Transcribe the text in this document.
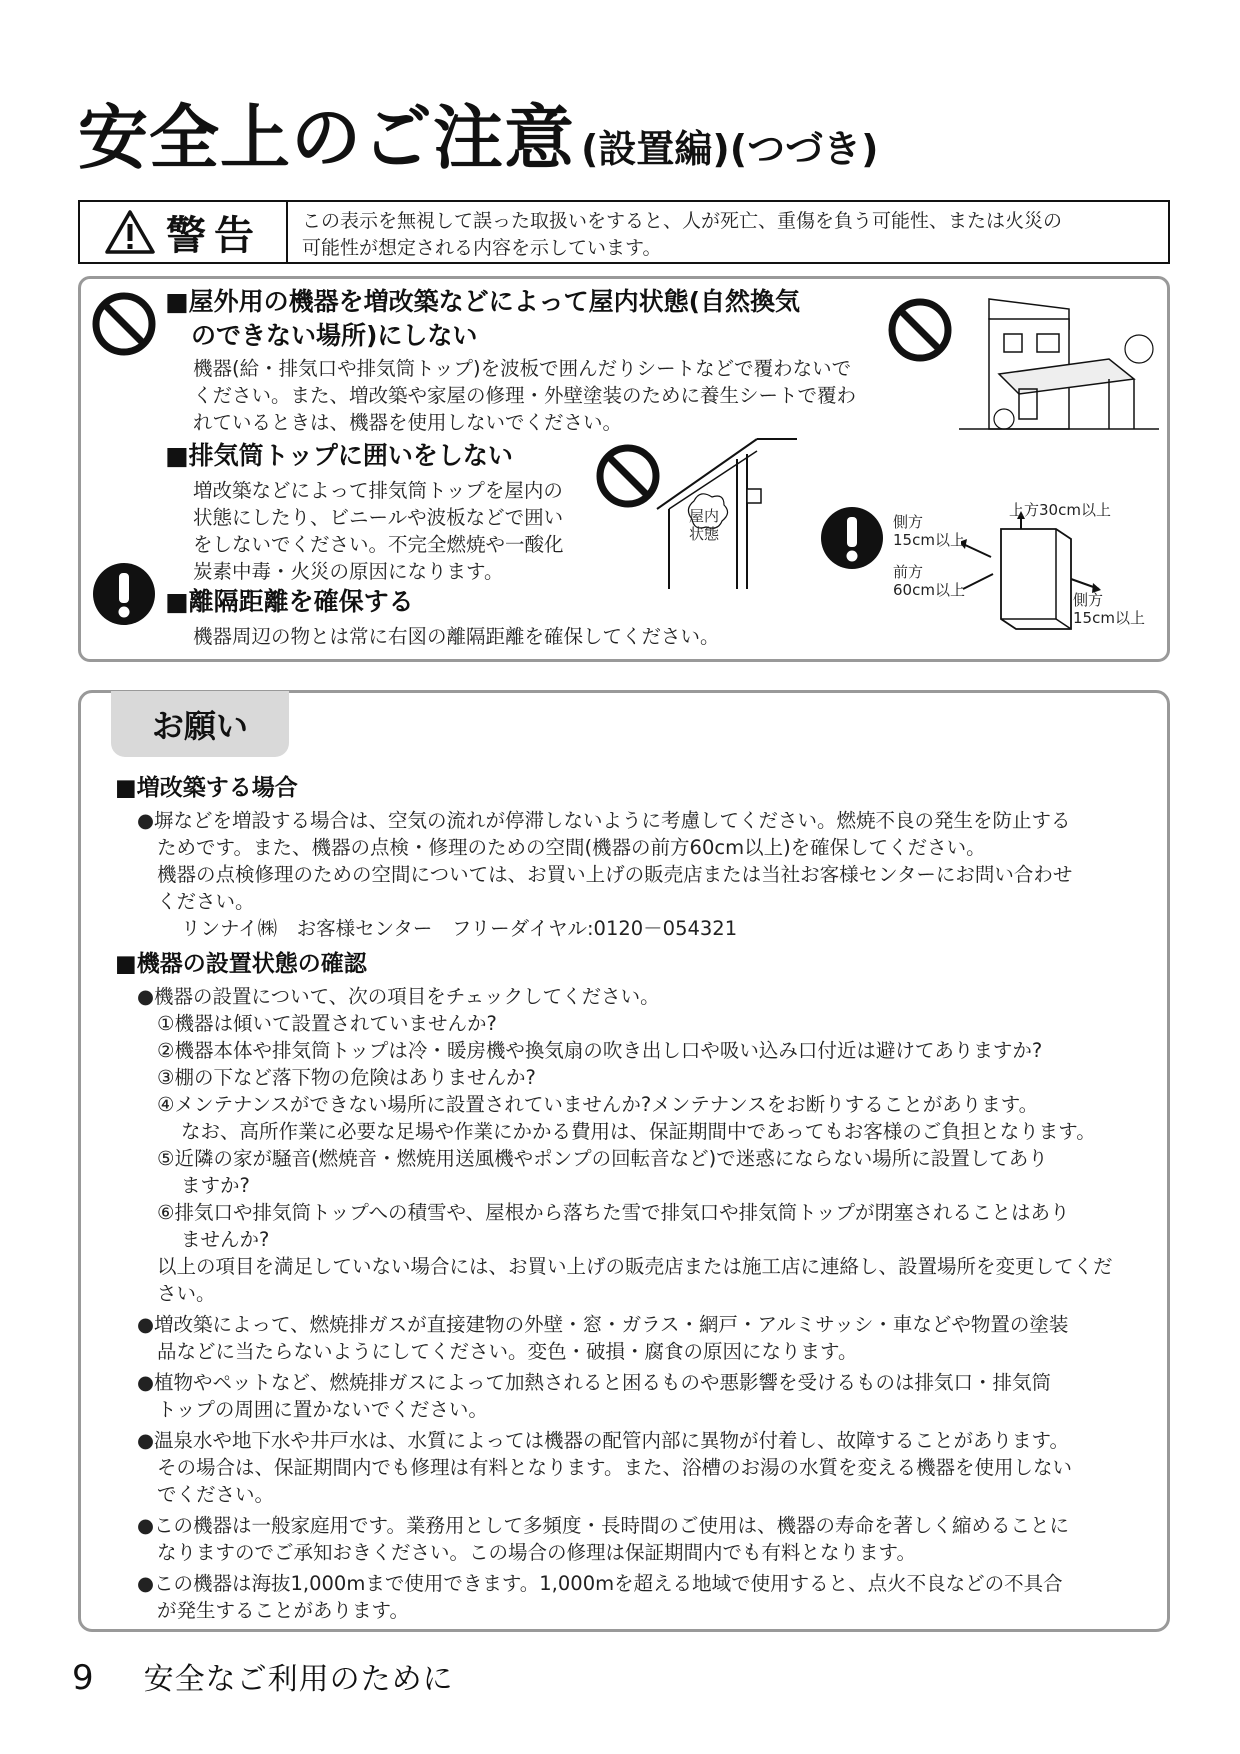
安全上のご注意 (設置編)(つづき)
警告 この表示を無視して誤った取扱いをすると、人が死亡、重傷を負う可能性、または火災の
可能性が想定される内容を示しています。
■屋外用の機器を増改築などによって屋内状態(自然換気
のできない場所)にしない
機器(給・排気口や排気筒トップ)を波板で囲んだりシートなどで覆わないで
ください。また、増改築や家屋の修理・外壁塗装のために養生シートで覆わ
れているときは、機器を使用しないでください。
■排気筒トップに囲いをしない
増改築などによって排気筒トップを屋内の
状態にしたり、ビニールや波板などで囲い
をしないでください。不完全燃焼や一酸化
炭素中毒・火災の原因になります。
屋内
状態
■離隔距離を確保する
機器周辺の物とは常に右図の離隔距離を確保してください。
上方30cm以上
側方
15cm以上
前方
60cm以上
側方
15cm以上
お願い
■増改築する場合
●塀などを増設する場合は、空気の流れが停滞しないように考慮してください。燃焼不良の発生を防止する
ためです。また、機器の点検・修理のための空間(機器の前方60cm以上)を確保してください。
機器の点検修理のための空間については、お買い上げの販売店または当社お客様センターにお問い合わせ
ください。
リンナイ㈱　お客様センター　フリーダイヤル:0120－054321
■機器の設置状態の確認
●機器の設置について、次の項目をチェックしてください。
①機器は傾いて設置されていませんか?
②機器本体や排気筒トップは冷・暖房機や換気扇の吹き出し口や吸い込み口付近は避けてありますか?
③棚の下など落下物の危険はありませんか?
④メンテナンスができない場所に設置されていませんか?メンテナンスをお断りすることがあります。
なお、高所作業に必要な足場や作業にかかる費用は、保証期間中であってもお客様のご負担となります。
⑤近隣の家が騒音(燃焼音・燃焼用送風機やポンプの回転音など)で迷惑にならない場所に設置してあり
ますか?
⑥排気口や排気筒トップへの積雪や、屋根から落ちた雪で排気口や排気筒トップが閉塞されることはあり
ませんか?
以上の項目を満足していない場合には、お買い上げの販売店または施工店に連絡し、設置場所を変更してくだ
さい。
●増改築によって、燃焼排ガスが直接建物の外壁・窓・ガラス・網戸・アルミサッシ・車などや物置の塗装
品などに当たらないようにしてください。変色・破損・腐食の原因になります。
●植物やペットなど、燃焼排ガスによって加熱されると困るものや悪影響を受けるものは排気口・排気筒
トップの周囲に置かないでください。
●温泉水や地下水や井戸水は、水質によっては機器の配管内部に異物が付着し、故障することがあります。
その場合は、保証期間内でも修理は有料となります。また、浴槽のお湯の水質を変える機器を使用しない
でください。
●この機器は一般家庭用です。業務用として多頻度・長時間のご使用は、機器の寿命を著しく縮めることに
なりますのでご承知おきください。この場合の修理は保証期間内でも有料となります。
●この機器は海抜1,000mまで使用できます。1,000mを超える地域で使用すると、点火不良などの不具合
が発生することがあります。
9 安全なご利用のために
